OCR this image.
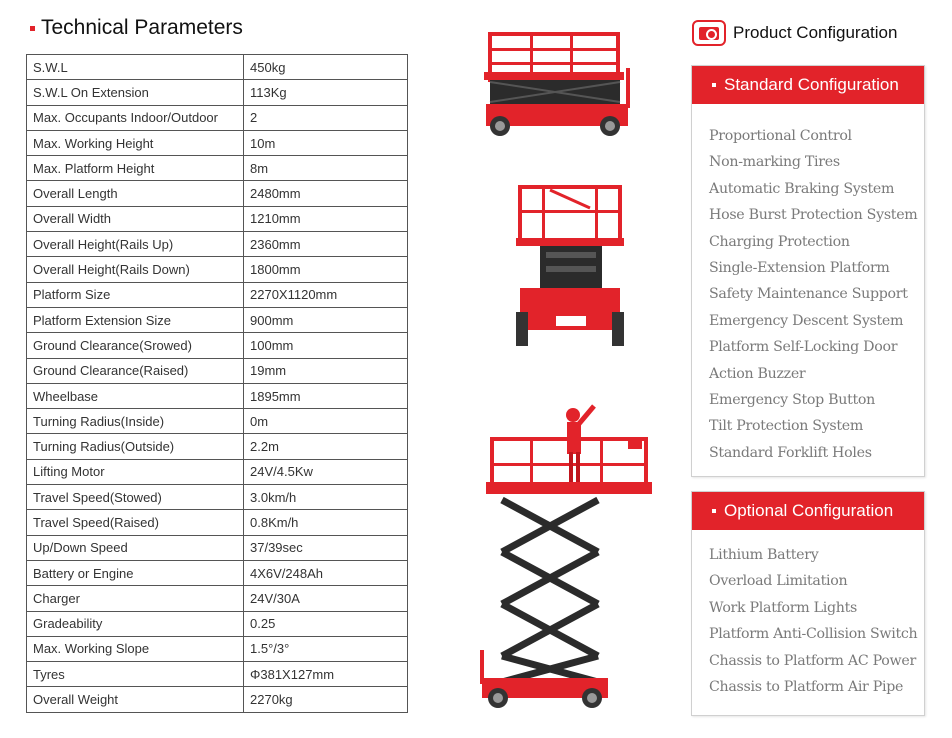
Technical Parameters
S.W.L	450kg
S.W.L On Extension	113Kg
Max. Occupants Indoor/Outdoor	2
Max. Working Height	10m
Max. Platform Height	8m
Overall Length	2480mm
Overall Width	1210mm
Overall Height(Rails Up)	2360mm
Overall Height(Rails Down)	1800mm
Platform Size	2270X1120mm
Platform Extension Size	900mm
Ground Clearance(Srowed)	100mm
Ground Clearance(Raised)	19mm
Wheelbase	1895mm
Turning Radius(Inside)	0m
Turning Radius(Outside)	2.2m
Lifting Motor	24V/4.5Kw
Travel Speed(Stowed)	3.0km/h
Travel Speed(Raised)	0.8Km/h
Up/Down Speed	37/39sec
Battery or Engine	4X6V/248Ah
Charger	24V/30A
Gradeability	0.25
Max. Working Slope	1.5°/3°
Tyres	Φ381X127mm
Overall Weight	2270kg
Product Configuration
Standard Configuration
Proportional Control
Non-marking Tires
Automatic Braking System
Hose Burst Protection System
Charging Protection
Single-Extension Platform
Safety Maintenance Support
Emergency Descent System
Platform Self-Locking Door
Action Buzzer
Emergency Stop Button
Tilt Protection System
Standard Forklift Holes
Optional Configuration
Lithium Battery
Overload Limitation
Work Platform Lights
Platform Anti-Collision Switch
Chassis to Platform AC Power
Chassis to Platform Air Pipe
